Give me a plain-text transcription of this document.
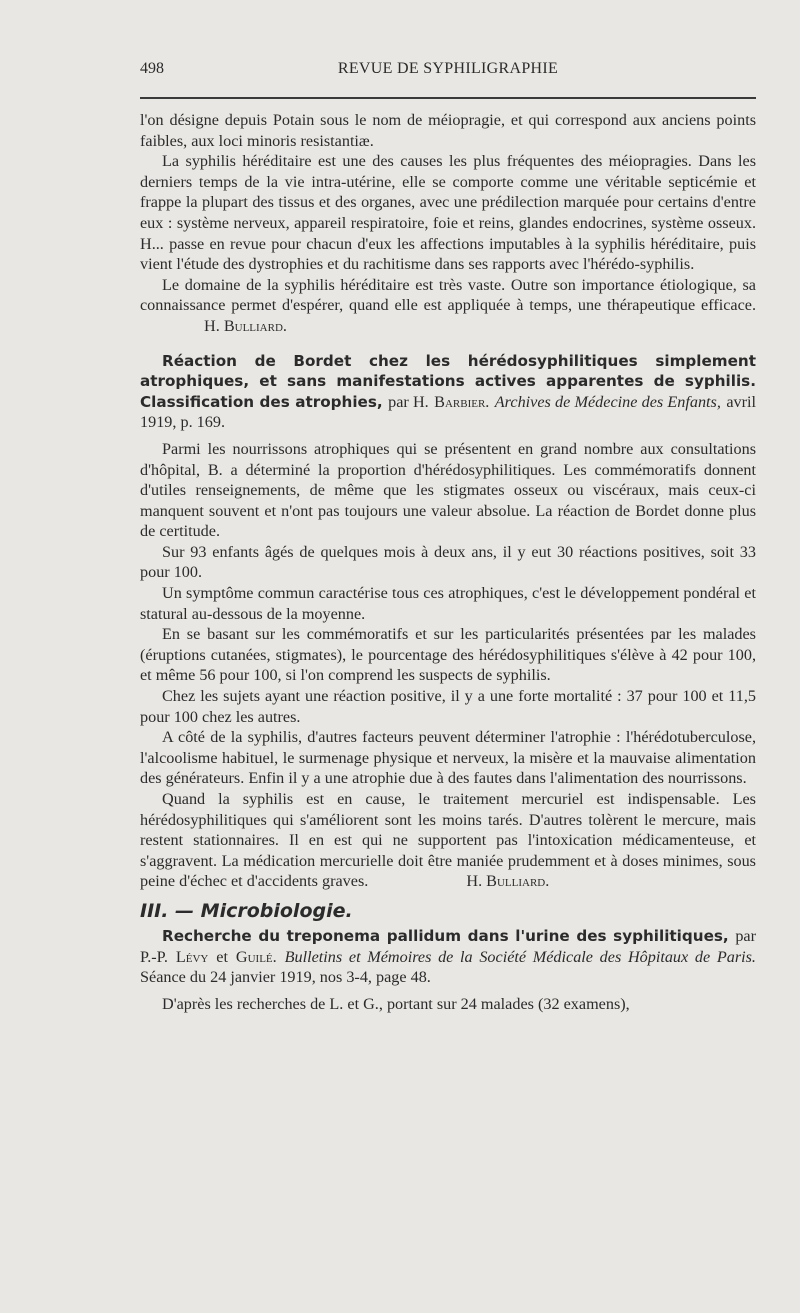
498	REVUE DE SYPHILIGRAPHIE

l'on désigne depuis Potain sous le nom de méiopragie, et qui correspond aux anciens points faibles, aux loci minoris resistantiæ.

La syphilis héréditaire est une des causes les plus fréquentes des méiopragies. Dans les derniers temps de la vie intra-utérine, elle se comporte comme une véritable septicémie et frappe la plupart des tissus et des organes, avec une prédilection marquée pour certains d'entre eux : système nerveux, appareil respiratoire, foie et reins, glandes endocrines, système osseux. H... passe en revue pour chacun d'eux les affections imputables à la syphilis héréditaire, puis vient l'étude des dystrophies et du rachitisme dans ses rapports avec l'hérédo-syphilis.

Le domaine de la syphilis héréditaire est très vaste. Outre son importance étiologique, sa connaissance permet d'espérer, quand elle est appliquée à temps, une thérapeutique efficace.  H. Bulliard.

Réaction de Bordet chez les hérédosyphilitiques simplement atrophiques, et sans manifestations actives apparentes de syphilis. Classification des atrophies, par H. Barbier. Archives de Médecine des Enfants, avril 1919, p. 169.

Parmi les nourrissons atrophiques qui se présentent en grand nombre aux consultations d'hôpital, B. a déterminé la proportion d'hérédosyphilitiques. Les commémoratifs donnent d'utiles renseignements, de même que les stigmates osseux ou viscéraux, mais ceux-ci manquent souvent et n'ont pas toujours une valeur absolue. La réaction de Bordet donne plus de certitude.

Sur 93 enfants âgés de quelques mois à deux ans, il y eut 30 réactions positives, soit 33 pour 100.

Un symptôme commun caractérise tous ces atrophiques, c'est le développement pondéral et statural au-dessous de la moyenne.

En se basant sur les commémoratifs et sur les particularités présentées par les malades (éruptions cutanées, stigmates), le pourcentage des hérédosyphilitiques s'élève à 42 pour 100, et même 56 pour 100, si l'on comprend les suspects de syphilis.

Chez les sujets ayant une réaction positive, il y a une forte mortalité : 37 pour 100 et 11,5 pour 100 chez les autres.

A côté de la syphilis, d'autres facteurs peuvent déterminer l'atrophie : l'hérédotuberculose, l'alcoolisme habituel, le surmenage physique et nerveux, la misère et la mauvaise alimentation des générateurs. Enfin il y a une atrophie due à des fautes dans l'alimentation des nourrissons.

Quand la syphilis est en cause, le traitement mercuriel est indispensable. Les hérédosyphilitiques qui s'améliorent sont les moins tarés. D'autres tolèrent le mercure, mais restent stationnaires. Il en est qui ne supportent pas l'intoxication médicamenteuse, et s'aggravent. La médication mercurielle doit être maniée prudemment et à doses minimes, sous peine d'échec et d'accidents graves.	H. Bulliard.

III. — Microbiologie.

Recherche du treponema pallidum dans l'urine des syphilitiques, par P.-P. Lévy et Guilé. Bulletins et Mémoires de la Société Médicale des Hôpitaux de Paris. Séance du 24 janvier 1919, nos 3-4, page 48.

D'après les recherches de L. et G., portant sur 24 malades (32 examens),
